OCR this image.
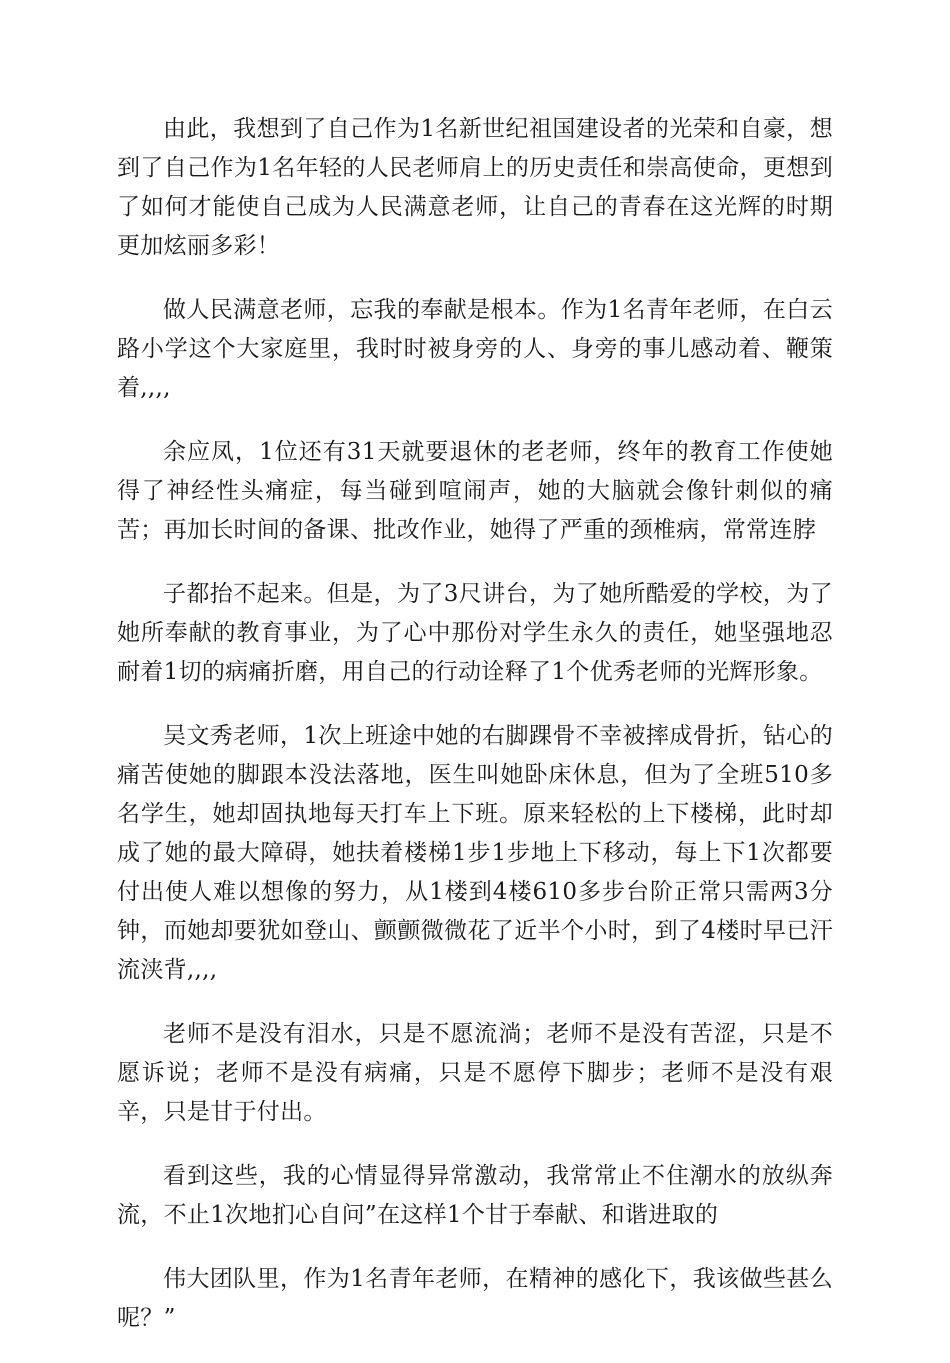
由此，我想到了自己作为1名新世纪祖国建设者的光荣和自豪，想到了自己作为1名年轻的人民老师肩上的历史责任和崇高使命，更想到了如何才能使自己成为人民满意老师，让自己的青春在这光辉的时期更加炫丽多彩！

做人民满意老师，忘我的奉献是根本。作为1名青年老师，在白云路小学这个大家庭里，我时时被身旁的人、身旁的事儿感动着、鞭策着,,,,

余应凤，1位还有31天就要退休的老老师，终年的教育工作使她得了神经性头痛症，每当碰到喧闹声，她的大脑就会像针刺似的痛苦；再加长时间的备课、批改作业，她得了严重的颈椎病，常常连脖

子都抬不起来。但是，为了3尺讲台，为了她所酷爱的学校，为了她所奉献的教育事业，为了心中那份对学生永久的责任，她坚强地忍耐着1切的病痛折磨，用自己的行动诠释了1个优秀老师的光辉形象。

吴文秀老师，1次上班途中她的右脚踝骨不幸被摔成骨折，钻心的痛苦使她的脚跟本没法落地，医生叫她卧床休息，但为了全班510多名学生，她却固执地每天打车上下班。原来轻松的上下楼梯，此时却成了她的最大障碍，她扶着楼梯1步1步地上下移动，每上下1次都要付出使人难以想像的努力，从1楼到4楼610多步台阶正常只需两3分钟，而她却要犹如登山、颤颤微微花了近半个小时，到了4楼时早已汗流浃背,,,,

老师不是没有泪水，只是不愿流淌；老师不是没有苦涩，只是不愿诉说；老师不是没有病痛，只是不愿停下脚步；老师不是没有艰辛，只是甘于付出。

看到这些，我的心情显得异常激动，我常常止不住潮水的放纵奔流，不止1次地扪心自问”在这样1个甘于奉献、和谐进取的

伟大团队里，作为1名青年老师，在精神的感化下，我该做些甚么呢？”
